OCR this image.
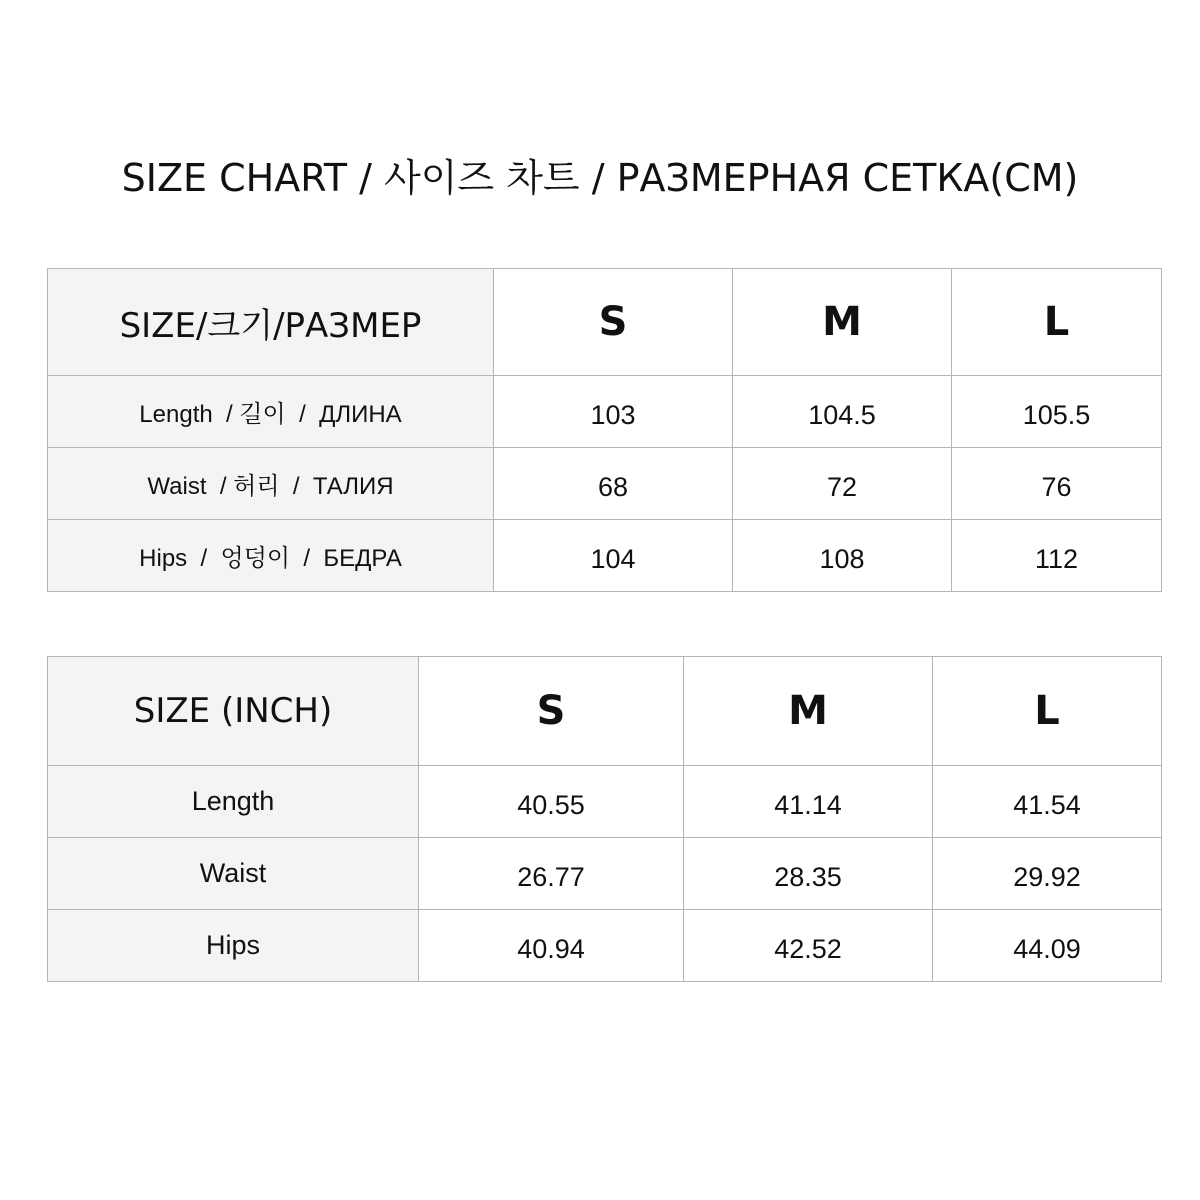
SIZE CHART / 사이즈 차트 / РАЗМЕРНАЯ СЕТКА(CM)
SIZE/크기/РАЗМЕР	S	M	L
Length  / 길이  /  ДЛИНА	103	104.5	105.5
Waist  / 허리  /  ТАЛИЯ	68	72	76
Hips  /  엉덩이  /  БЕДРА	104	108	112
SIZE (INCH)	S	M	L
Length	40.55	41.14	41.54
Waist	26.77	28.35	29.92
Hips	40.94	42.52	44.09
